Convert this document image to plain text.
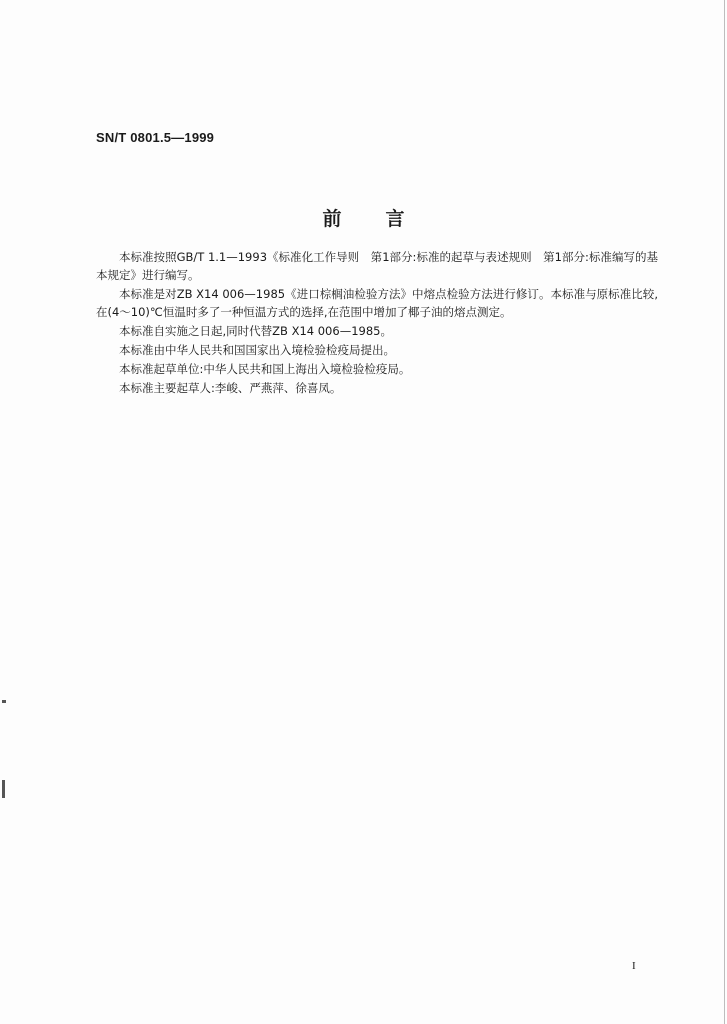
SN/T 0801.5—1999
前言

本标准按照GB/T 1.1—1993《标准化工作导则　第1部分:标准的起草与表述规则　第1部分:标准编写的基本规定》进行编写。

本标准是对ZB X14 006—1985《进口棕榈油检验方法》中熔点检验方法进行修订。本标准与原标准比较,在(4～10)℃恒温时多了一种恒温方式的选择,在范围中增加了椰子油的熔点测定。

本标准自实施之日起,同时代替ZB X14 006—1985。

本标准由中华人民共和国国家出入境检验检疫局提出。

本标准起草单位:中华人民共和国上海出入境检验检疫局。

本标准主要起草人:李峻、严燕萍、徐喜凤。

I
